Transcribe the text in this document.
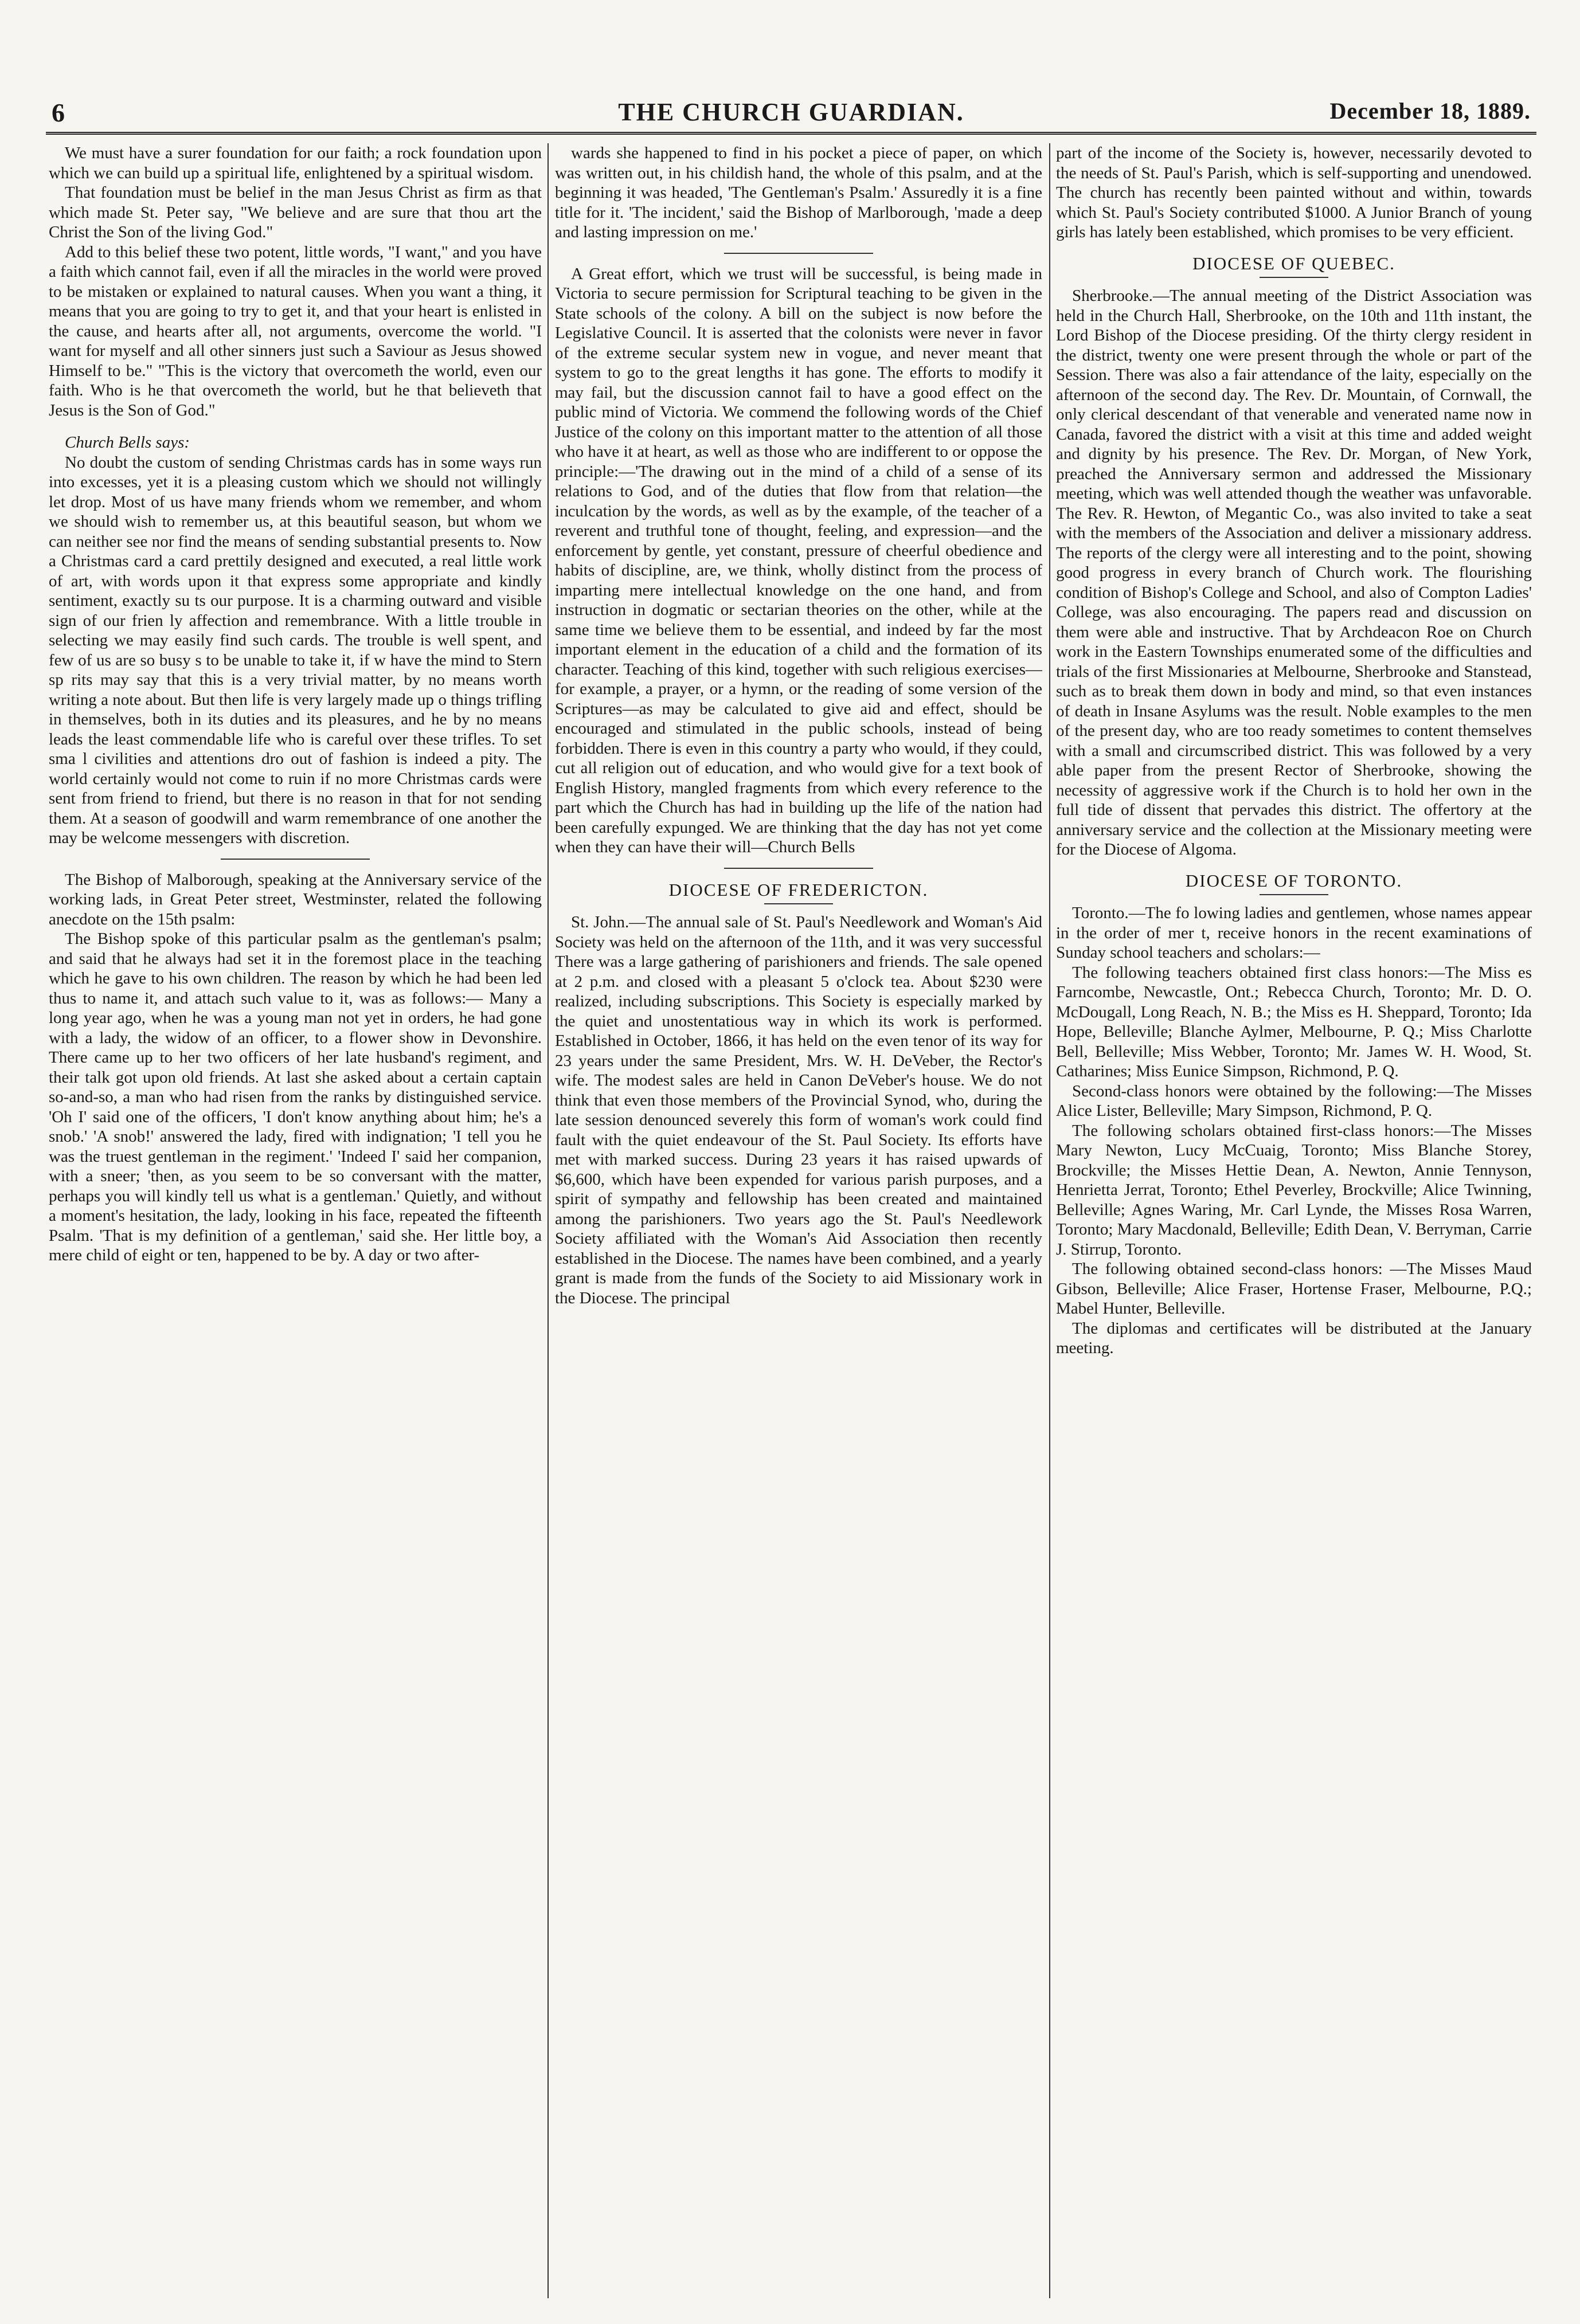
6	THE CHURCH GUARDIAN.	December 18, 1889.

We must have a surer foundation for our faith; a rock foundation upon which we can build up a spiritual life, enlightened by a spiritual wisdom.

That foundation must be belief in the man Jesus Christ as firm as that which made St. Peter say, "We believe and are sure that thou art the Christ the Son of the living God."

Add to this belief these two potent, little words, "I want," and you have a faith which cannot fail, even if all the miracles in the world were proved to be mistaken or explained to natural causes. When you want a thing, it means that you are going to try to get it, and that your heart is enlisted in the cause, and hearts after all, not arguments, overcome the world. "I want for myself and all other sinners just such a Saviour as Jesus showed Himself to be." "This is the victory that overcometh the world, even our faith. Who is he that overcometh the world, but he that believeth that Jesus is the Son of God."

Church Bells says:

No doubt the custom of sending Christmas cards has in some ways run into excesses, yet it is a pleasing custom which we should not willingly let drop. Most of us have many friends whom we remember, and whom we should wish to remember us, at this beautiful season, but whom we can neither see nor find the means of sending substantial presents to. Now a Christmas card a card prettily designed and executed, a real little work of art, with words upon it that express some appropriate and kindly sentiment, exactly su ts our purpose. It is a charming outward and visible sign of our frien ly affection and remembrance. With a little trouble in selecting we may easily find such cards. The trouble is well spent, and few of us are so busy s to be unable to take it, if w have the mind to Stern sp rits may say that this is a very trivial matter, by no means worth writing a note about. But then life is very largely made up o things trifling in themselves, both in its duties and its pleasures, and he by no means leads the least commendable life who is careful over these trifles. To set sma l civilities and attentions dro out of fashion is indeed a pity. The world certainly would not come to ruin if no more Christmas cards were sent from friend to friend, but there is no reason in that for not sending them. At a season of goodwill and warm remembrance of one another the may be welcome messengers with discretion.

The Bishop of Malborough, speaking at the Anniversary service of the working lads, in Great Peter street, Westminster, related the following anecdote on the 15th psalm:

The Bishop spoke of this particular psalm as the gentleman's psalm; and said that he always had set it in the foremost place in the teaching which he gave to his own children. The reason by which he had been led thus to name it, and attach such value to it, was as follows:— Many a long year ago, when he was a young man not yet in orders, he had gone with a lady, the widow of an officer, to a flower show in Devonshire. There came up to her two officers of her late husband's regiment, and their talk got upon old friends. At last she asked about a certain captain so-and-so, a man who had risen from the ranks by distinguished service. 'Oh I' said one of the officers, 'I don't know anything about him; he's a snob.' 'A snob!' answered the lady, fired with indignation; 'I tell you he was the truest gentleman in the regiment.' 'Indeed I' said her companion, with a sneer; 'then, as you seem to be so conversant with the matter, perhaps you will kindly tell us what is a gentleman.' Quietly, and without a moment's hesitation, the lady, looking in his face, repeated the fifteenth Psalm. 'That is my definition of a gentleman,' said she. Her little boy, a mere child of eight or ten, happened to be by. A day or two after-

wards she happened to find in his pocket a piece of paper, on which was written out, in his childish hand, the whole of this psalm, and at the beginning it was headed, 'The Gentleman's Psalm.' Assuredly it is a fine title for it. 'The incident,' said the Bishop of Marlborough, 'made a deep and lasting impression on me.'

A Great effort, which we trust will be successful, is being made in Victoria to secure permission for Scriptural teaching to be given in the State schools of the colony. A bill on the subject is now before the Legislative Council. It is asserted that the colonists were never in favor of the extreme secular system new in vogue, and never meant that system to go to the great lengths it has gone. The efforts to modify it may fail, but the discussion cannot fail to have a good effect on the public mind of Victoria. We commend the following words of the Chief Justice of the colony on this important matter to the attention of all those who have it at heart, as well as those who are indifferent to or oppose the principle:—'The drawing out in the mind of a child of a sense of its relations to God, and of the duties that flow from that relation—the inculcation by the words, as well as by the example, of the teacher of a reverent and truthful tone of thought, feeling, and expression—and the enforcement by gentle, yet constant, pressure of cheerful obedience and habits of discipline, are, we think, wholly distinct from the process of imparting mere intellectual knowledge on the one hand, and from instruction in dogmatic or sectarian theories on the other, while at the same time we believe them to be essential, and indeed by far the most important element in the education of a child and the formation of its character. Teaching of this kind, together with such religious exercises—for example, a prayer, or a hymn, or the reading of some version of the Scriptures—as may be calculated to give aid and effect, should be encouraged and stimulated in the public schools, instead of being forbidden. There is even in this country a party who would, if they could, cut all religion out of education, and who would give for a text book of English History, mangled fragments from which every reference to the part which the Church has had in building up the life of the nation had been carefully expunged. We are thinking that the day has not yet come when they can have their will—Church Bells

DIOCESE OF FREDERICTON.

St. John.—The annual sale of St. Paul's Needlework and Woman's Aid Society was held on the afternoon of the 11th, and it was very successful There was a large gathering of parishioners and friends. The sale opened at 2 p.m. and closed with a pleasant 5 o'clock tea. About $230 were realized, including subscriptions. This Society is especially marked by the quiet and unostentatious way in which its work is performed. Established in October, 1866, it has held on the even tenor of its way for 23 years under the same President, Mrs. W. H. DeVeber, the Rector's wife. The modest sales are held in Canon DeVeber's house. We do not think that even those members of the Provincial Synod, who, during the late session denounced severely this form of woman's work could find fault with the quiet endeavour of the St. Paul Society. Its efforts have met with marked success. During 23 years it has raised upwards of $6,600, which have been expended for various parish purposes, and a spirit of sympathy and fellowship has been created and maintained among the parishioners. Two years ago the St. Paul's Needlework Society affiliated with the Woman's Aid Association then recently established in the Diocese. The names have been combined, and a yearly grant is made from the funds of the Society to aid Missionary work in the Diocese. The principal

part of the income of the Society is, however, necessarily devoted to the needs of St. Paul's Parish, which is self-supporting and unendowed. The church has recently been painted without and within, towards which St. Paul's Society contributed $1000. A Junior Branch of young girls has lately been established, which promises to be very efficient.

DIOCESE OF QUEBEC.

Sherbrooke.—The annual meeting of the District Association was held in the Church Hall, Sherbrooke, on the 10th and 11th instant, the Lord Bishop of the Diocese presiding. Of the thirty clergy resident in the district, twenty one were present through the whole or part of the Session. There was also a fair attendance of the laity, especially on the afternoon of the second day. The Rev. Dr. Mountain, of Cornwall, the only clerical descendant of that venerable and venerated name now in Canada, favored the district with a visit at this time and added weight and dignity by his presence. The Rev. Dr. Morgan, of New York, preached the Anniversary sermon and addressed the Missionary meeting, which was well attended though the weather was unfavorable. The Rev. R. Hewton, of Megantic Co., was also invited to take a seat with the members of the Association and deliver a missionary address. The reports of the clergy were all interesting and to the point, showing good progress in every branch of Church work. The flourishing condition of Bishop's College and School, and also of Compton Ladies' College, was also encouraging. The papers read and discussion on them were able and instructive. That by Archdeacon Roe on Church work in the Eastern Townships enumerated some of the difficulties and trials of the first Missionaries at Melbourne, Sherbrooke and Stanstead, such as to break them down in body and mind, so that even instances of death in Insane Asylums was the result. Noble examples to the men of the present day, who are too ready sometimes to content themselves with a small and circumscribed district. This was followed by a very able paper from the present Rector of Sherbrooke, showing the necessity of aggressive work if the Church is to hold her own in the full tide of dissent that pervades this district. The offertory at the anniversary service and the collection at the Missionary meeting were for the Diocese of Algoma.

DIOCESE OF TORONTO.

Toronto.—The fo lowing ladies and gentlemen, whose names appear in the order of mer t, receive honors in the recent examinations of Sunday school teachers and scholars:—

The following teachers obtained first class honors:—The Miss es Farncombe, Newcastle, Ont.; Rebecca Church, Toronto; Mr. D. O. McDougall, Long Reach, N. B.; the Miss es H. Sheppard, Toronto; Ida Hope, Belleville; Blanche Aylmer, Melbourne, P. Q.; Miss Charlotte Bell, Belleville; Miss Webber, Toronto; Mr. James W. H. Wood, St. Catharines; Miss Eunice Simpson, Richmond, P. Q.

Second-class honors were obtained by the following:—The Misses Alice Lister, Belleville; Mary Simpson, Richmond, P. Q.

The following scholars obtained first-class honors:—The Misses Mary Newton, Lucy McCuaig, Toronto; Miss Blanche Storey, Brockville; the Misses Hettie Dean, A. Newton, Annie Tennyson, Henrietta Jerrat, Toronto; Ethel Peverley, Brockville; Alice Twinning, Belleville; Agnes Waring, Mr. Carl Lynde, the Misses Rosa Warren, Toronto; Mary Macdonald, Belleville; Edith Dean, V. Berryman, Carrie J. Stirrup, Toronto.

The following obtained second-class honors: —The Misses Maud Gibson, Belleville; Alice Fraser, Hortense Fraser, Melbourne, P.Q.; Mabel Hunter, Belleville.

The diplomas and certificates will be distributed at the January meeting.
